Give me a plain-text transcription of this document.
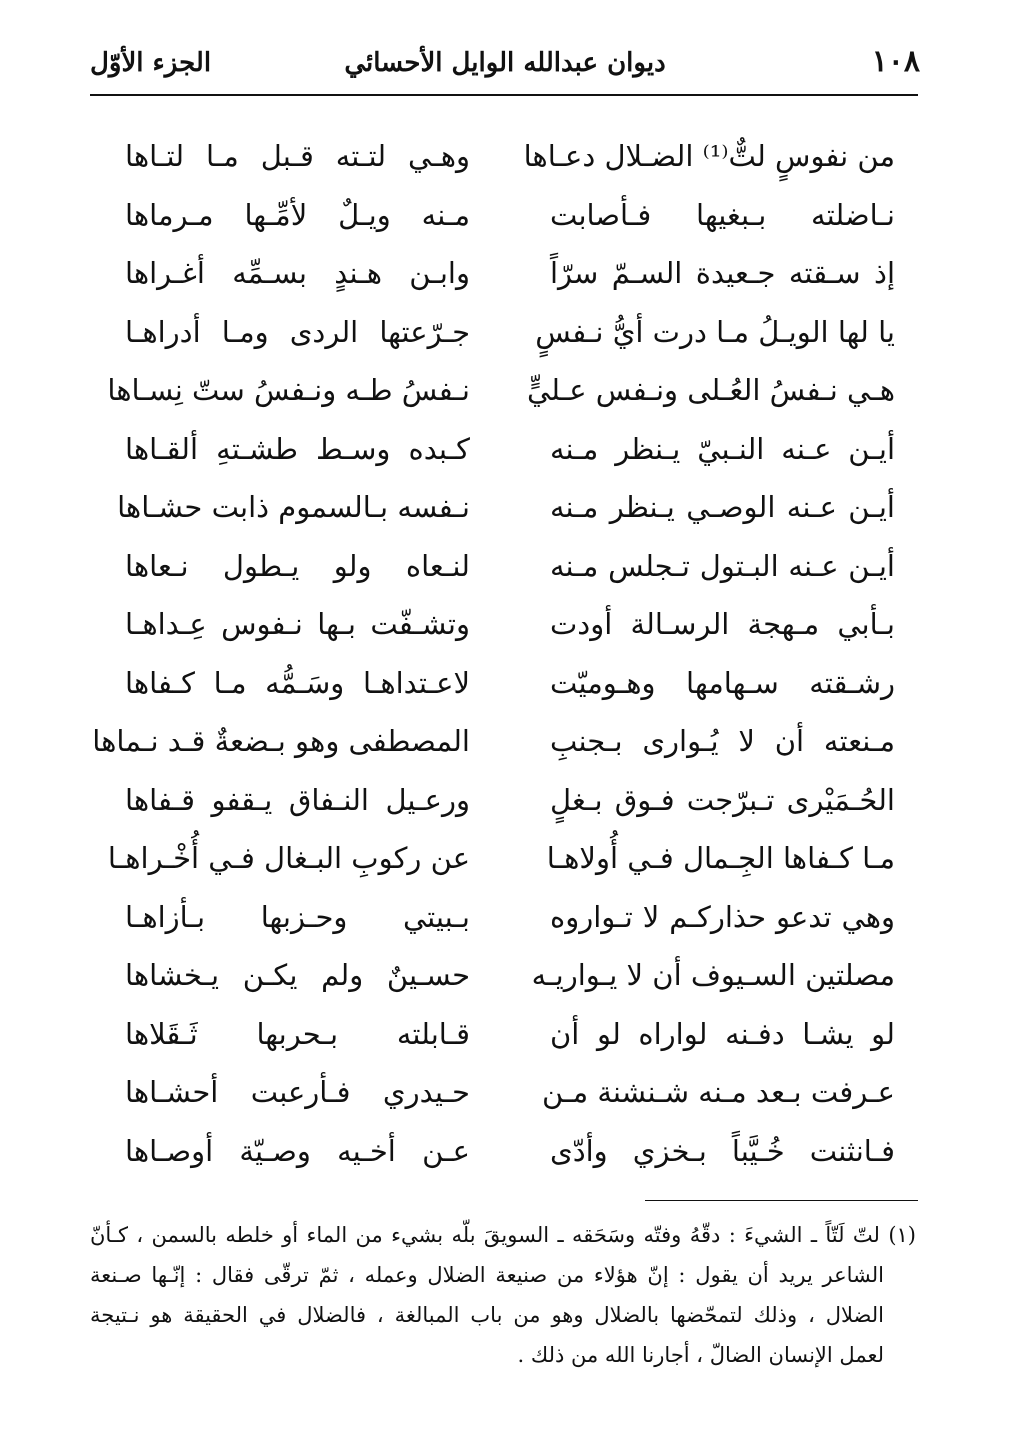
١٠٨
ديوان عبدالله الوايل الأحسائي
الجزء الأوّل
من نفوسٍ لتٌّ⁽¹⁾ الضـلال دعـاها
وهـي لتـته قـبل مـا لتـاها
نـاضلته بـبغيها فـأصابت
مـنه ويـلٌ لأمِّـها مـرماها
إذ سـقته جـعيدة السـمّ سرّاً
وابـن هـندٍ بسـمِّه أغـراها
يا لها الويـلُ مـا درت أيُّ نـفسٍ
جـرّعتها الردى ومـا أدراهـا
هـي نـفسُ العُـلى ونـفس عـليٍّ
نـفسُ طـه ونـفسُ ستّ نِسـاها
أيـن عـنه النـبيّ يـنظر مـنه
كـبده وسـط طشـتهِ ألقـاها
أيـن عـنه الوصـي يـنظر مـنه
نـفسه بـالسموم ذابت حشـاها
أيـن عـنه البـتول تـجلس مـنه
لنـعاه ولو يـطول نـعاها
بـأبي مـهجة الرسـالة أودت
وتشـفّت بـها نـفوس عِـداهـا
رشـقته سـهامها وهـوميّت
لاعـتداهـا وسَـمُّه مـا كـفاها
مـنعته أن لا يُـوارى بـجنبِ
المصطفى وهو بـضعةٌ قـد نـماها
الحُـمَيْرى تـبرّجت فـوق بـغلٍ
ورعـيل النـفاق يـقفو قـفاها
مـا كـفاها الجِـمال فـي أُولاهـا
عن ركوبِ البـغال فـي أُخْـراهـا
وهي تدعو حذاركـم لا تـواروه
بـبيتي وحـزبها بـأزاهـا
مصلتين السـيوف أن لا يـواريـه
حسـينٌ ولم يكـن يـخشاها
لو يشـا دفـنه لواراه لو أن
قـابلته بـحربها ثَـقَلاها
عـرفت بـعد مـنه شـنشنة مـن
حـيدري فـأرعبت أحشـاها
فـانثنت خُـيَّباً بـخزي وأدّى
عـن أخـيه وصـيّة أوصـاها
(١) لتّ لَتّاً ـ الشيءَ : دقّهُ وفتّه وسَحَقه ـ السويقَ بلّه بشيء من الماء أو خلطه بالسمن ، كـأنّ
الشاعر يريد أن يقول : إنّ هؤلاء من صنيعة الضلال وعمله ، ثمّ ترقّى فقال : إنّـها صـنعة
الضلال ، وذلك لتمحّضها بالضلال وهو من باب المبالغة ، فالضلال في الحقيقة هو نـتيجة
لعمل الإنسان الضالّ ، أجارنا الله من ذلك .
